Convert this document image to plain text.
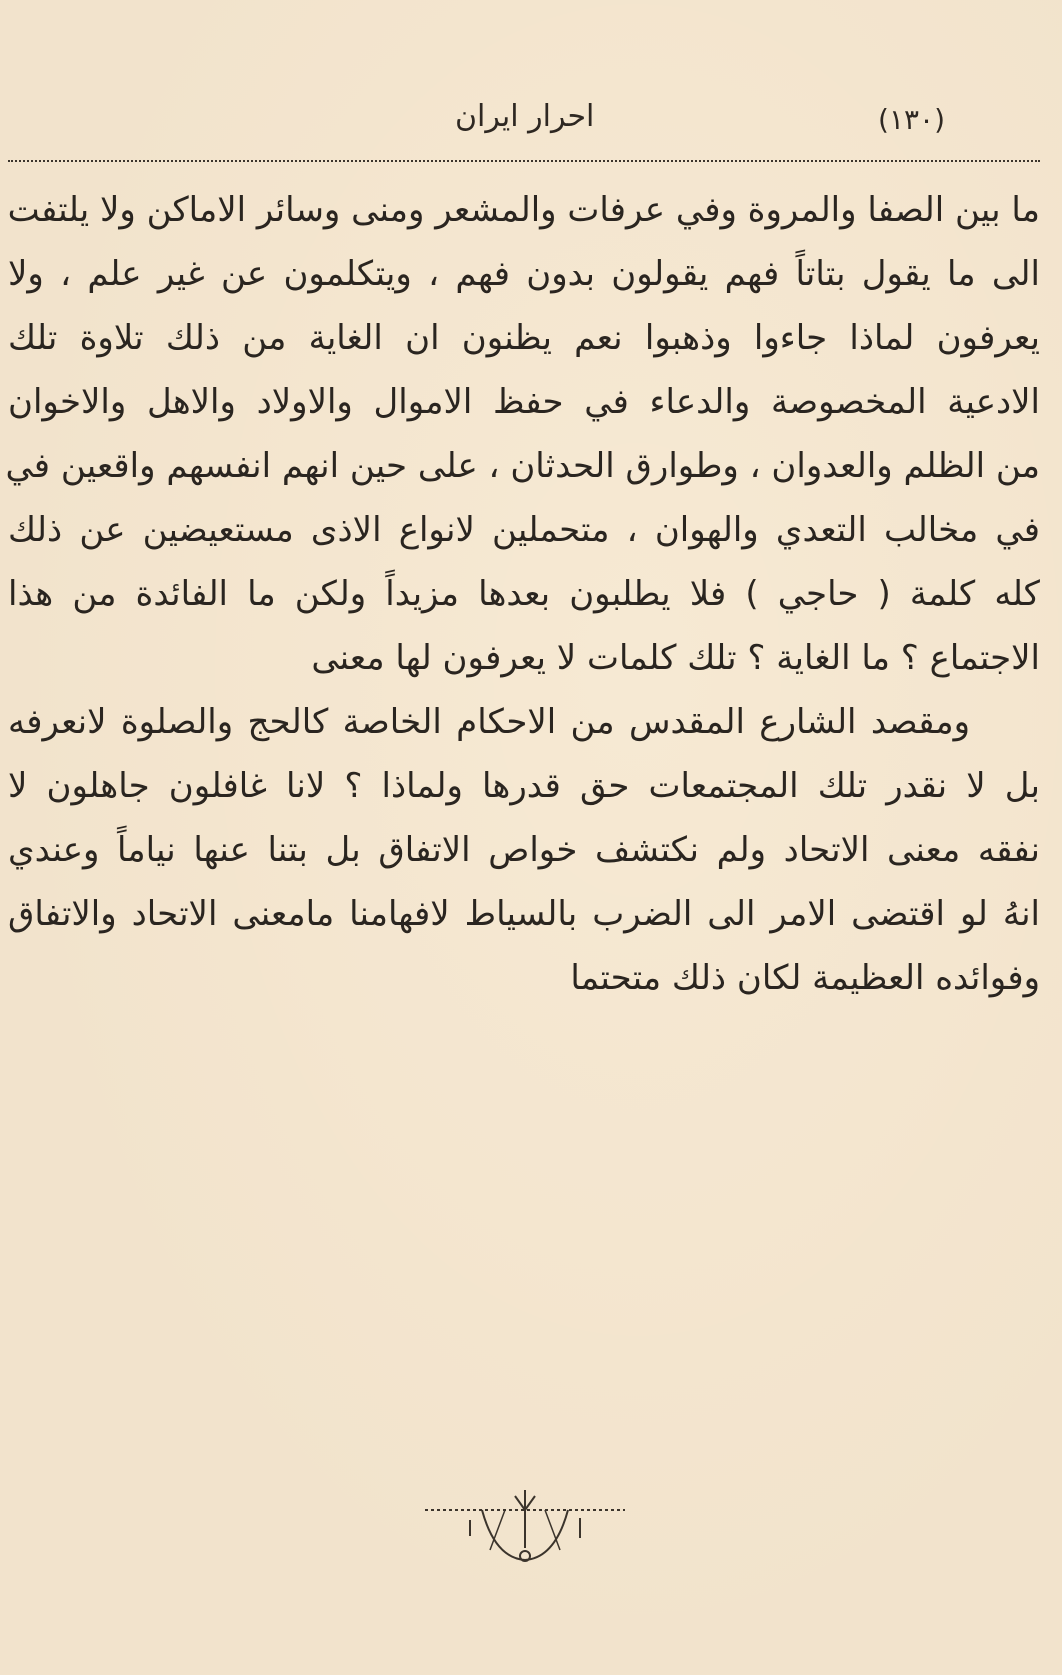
(١٣٠)
احرار ايران
ما بين الصفا والمروة وفي عرفات والمشعر ومنى وسائر الاماكن ولا يلتفت
الى ما يقول بتاتاً فهم يقولون بدون فهم ، ويتكلمون عن غير علم ، ولا
يعرفون لماذا جاءوا وذهبوا نعم يظنون ان الغاية من ذلك تلاوة تلك
الادعية المخصوصة والدعاء في حفظ الاموال والاولاد والاهل والاخوان
من الظلم والعدوان ، وطوارق الحدثان ، على حين انهم انفسهم واقعين في
في مخالب التعدي والهوان ، متحملين لانواع الاذى مستعيضين عن ذلك
كله كلمة ( حاجي ) فلا يطلبون بعدها مزيداً ولكن ما الفائدة من هذا
الاجتماع ؟ ما الغاية ؟ تلك كلمات لا يعرفون لها معنى
ومقصد الشارع المقدس من الاحكام الخاصة كالحج والصلوة لانعرفه
بل لا نقدر تلك المجتمعات حق قدرها ولماذا ؟ لانا غافلون جاهلون لا
نفقه معنى الاتحاد ولم نكتشف خواص الاتفاق بل بتنا عنها نياماً وعندي
انهُ لو اقتضى الامر الى الضرب بالسياط لافهامنا مامعنى الاتحاد والاتفاق
وفوائده العظيمة لكان ذلك متحتما
